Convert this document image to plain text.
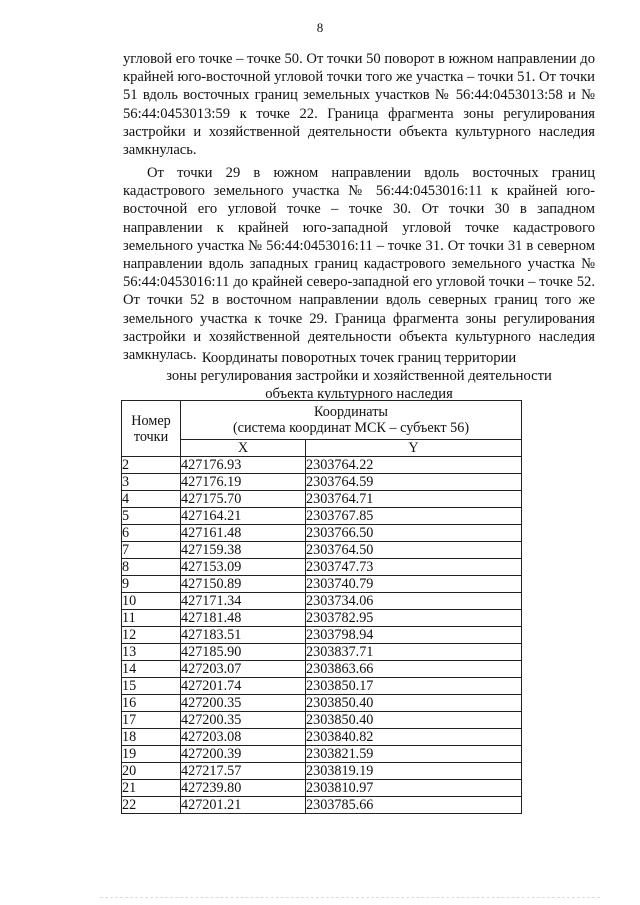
8

угловой его точке – точке 50. От точки 50 поворот в южном направлении до крайней юго-восточной угловой точки того же участка – точки 51. От точки 51 вдоль восточных границ земельных участков № 56:44:0453013:58 и № 56:44:0453013:59 к точке 22. Граница фрагмента зоны регулирования застройки и хозяйственной деятельности объекта культурного наследия замкнулась.

От точки 29 в южном направлении вдоль восточных границ кадастрового земельного участка № 56:44:0453016:11 к крайней юго-восточной его угловой точке – точке 30. От точки 30 в западном направлении к крайней юго-западной угловой точке кадастрового земельного участка № 56:44:0453016:11 – точке 31. От точки 31 в северном направлении вдоль западных границ кадастрового земельного участка № 56:44:0453016:11 до крайней северо-западной его угловой точки – точке 52. От точки 52 в восточном направлении вдоль северных границ того же земельного участка к точке 29. Граница фрагмента зоны регулирования застройки и хозяйственной деятельности объекта культурного наследия замкнулась. Координаты поворотных точек границ территории
зоны регулирования застройки и хозяйственной деятельности
объекта культурного наследия
Номер точки	Координаты
(система координат МСК – субъект 56)	

	X	Y
2	427176.93	2303764.22
3	427176.19	2303764.59
4	427175.70	2303764.71
5	427164.21	2303767.85
6	427161.48	2303766.50
7	427159.38	2303764.50
8	427153.09	2303747.73
9	427150.89	2303740.79
10	427171.34	2303734.06
11	427181.48	2303782.95
12	427183.51	2303798.94
13	427185.90	2303837.71
14	427203.07	2303863.66
15	427201.74	2303850.17
16	427200.35	2303850.40
17	427200.35	2303850.40
18	427203.08	2303840.82
19	427200.39	2303821.59
20	427217.57	2303819.19
21	427239.80	2303810.97
22	427201.21	2303785.66
